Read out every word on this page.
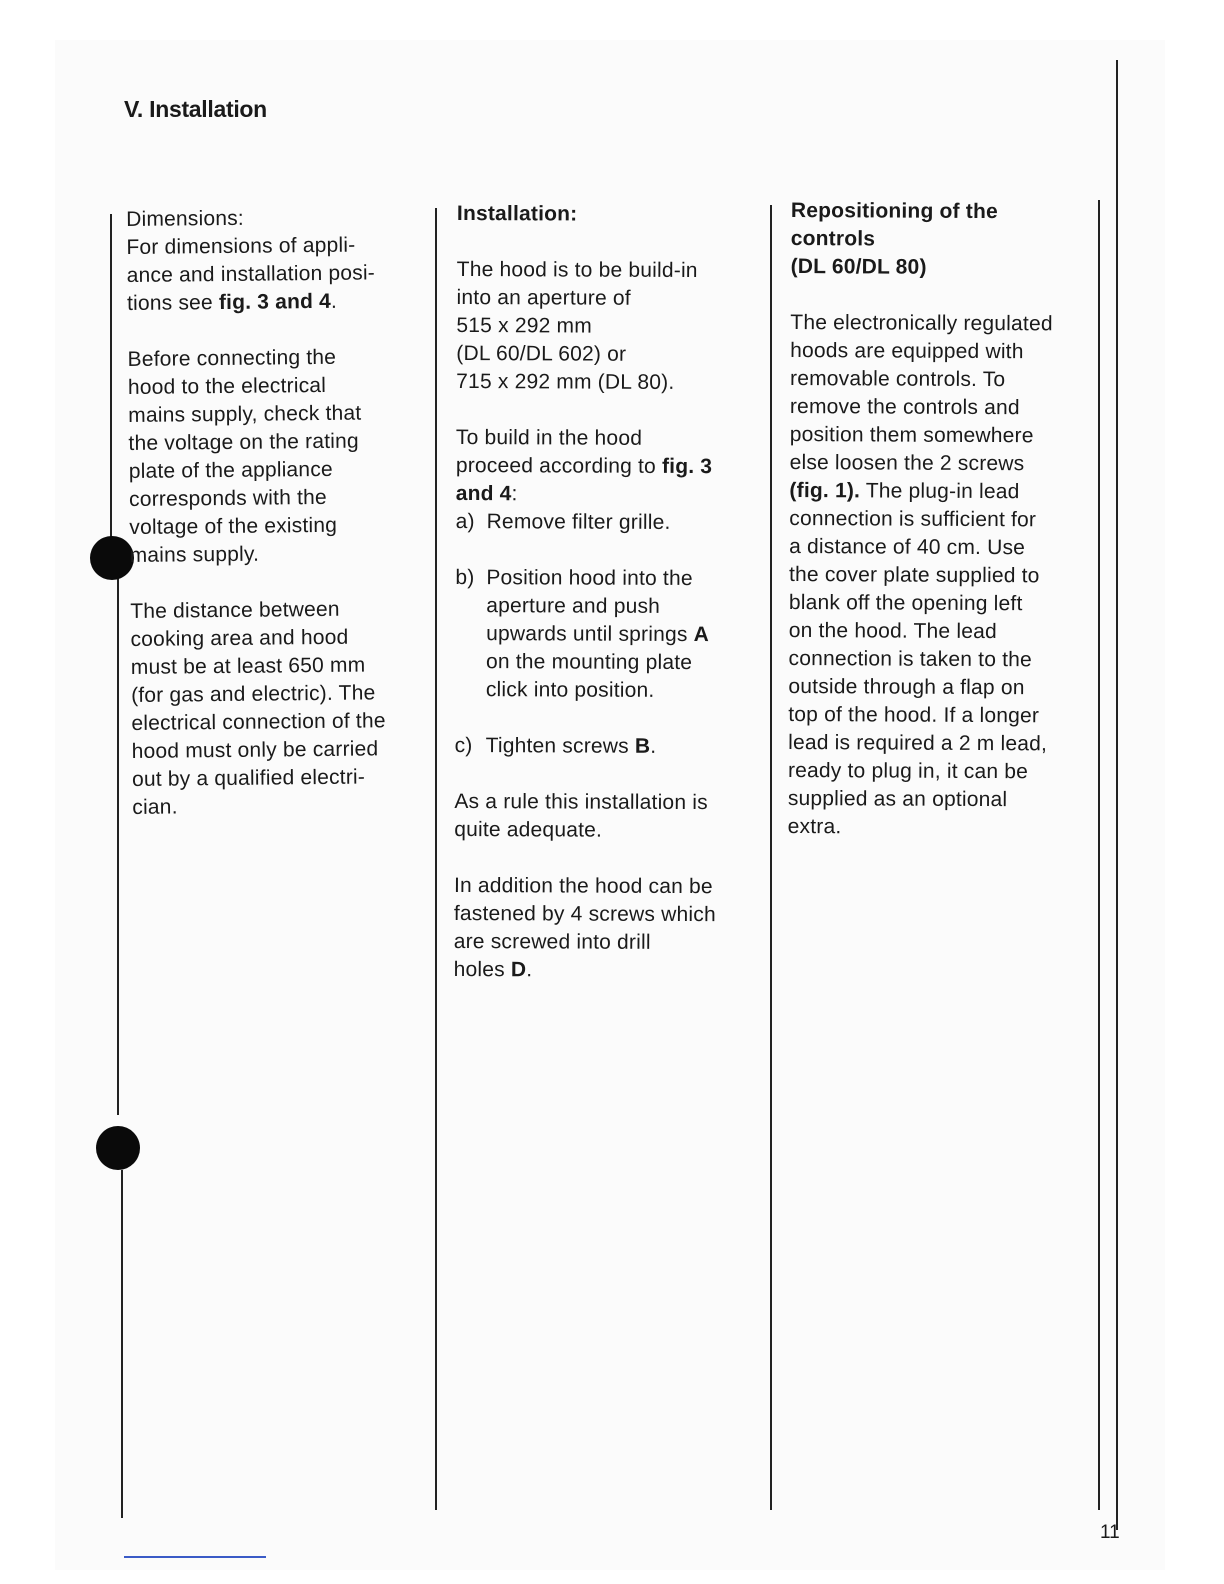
V. Installation

Dimensions:

For dimensions of appli-

ance and installation posi-

tions see fig. 3 and 4.

Before connecting the

hood to the electrical

mains supply, check that

the voltage on the rating

plate of the appliance

corresponds with the

voltage of the existing

mains supply.

The distance between

cooking area and hood

must be at least 650 mm

(for gas and electric). The

electrical connection of the

hood must only be carried

out by a qualified electri-

cian.

Installation:

The hood is to be build-in

into an aperture of

515 x 292 mm

(DL 60/DL 602) or

715 x 292 mm (DL 80).

To build in the hood

proceed according to fig. 3

and 4:

a) Remove filter grille.
b) Position hood into the

aperture and push

upwards until springs A

on the mounting plate

click into position.

c) Tighten screws B.

As a rule this installation is

quite adequate.

In addition the hood can be

fastened by 4 screws which

are screwed into drill

holes D.

Repositioning of the

controls

(DL 60/DL 80)

The electronically regulated

hoods are equipped with

removable controls. To

remove the controls and

position them somewhere

else loosen the 2 screws

(fig. 1). The plug-in lead

connection is sufficient for

a distance of 40 cm. Use

the cover plate supplied to

blank off the opening left

on the hood. The lead

connection is taken to the

outside through a flap on

top of the hood. If a longer

lead is required a 2 m lead,

ready to plug in, it can be

supplied as an optional

extra.

11
